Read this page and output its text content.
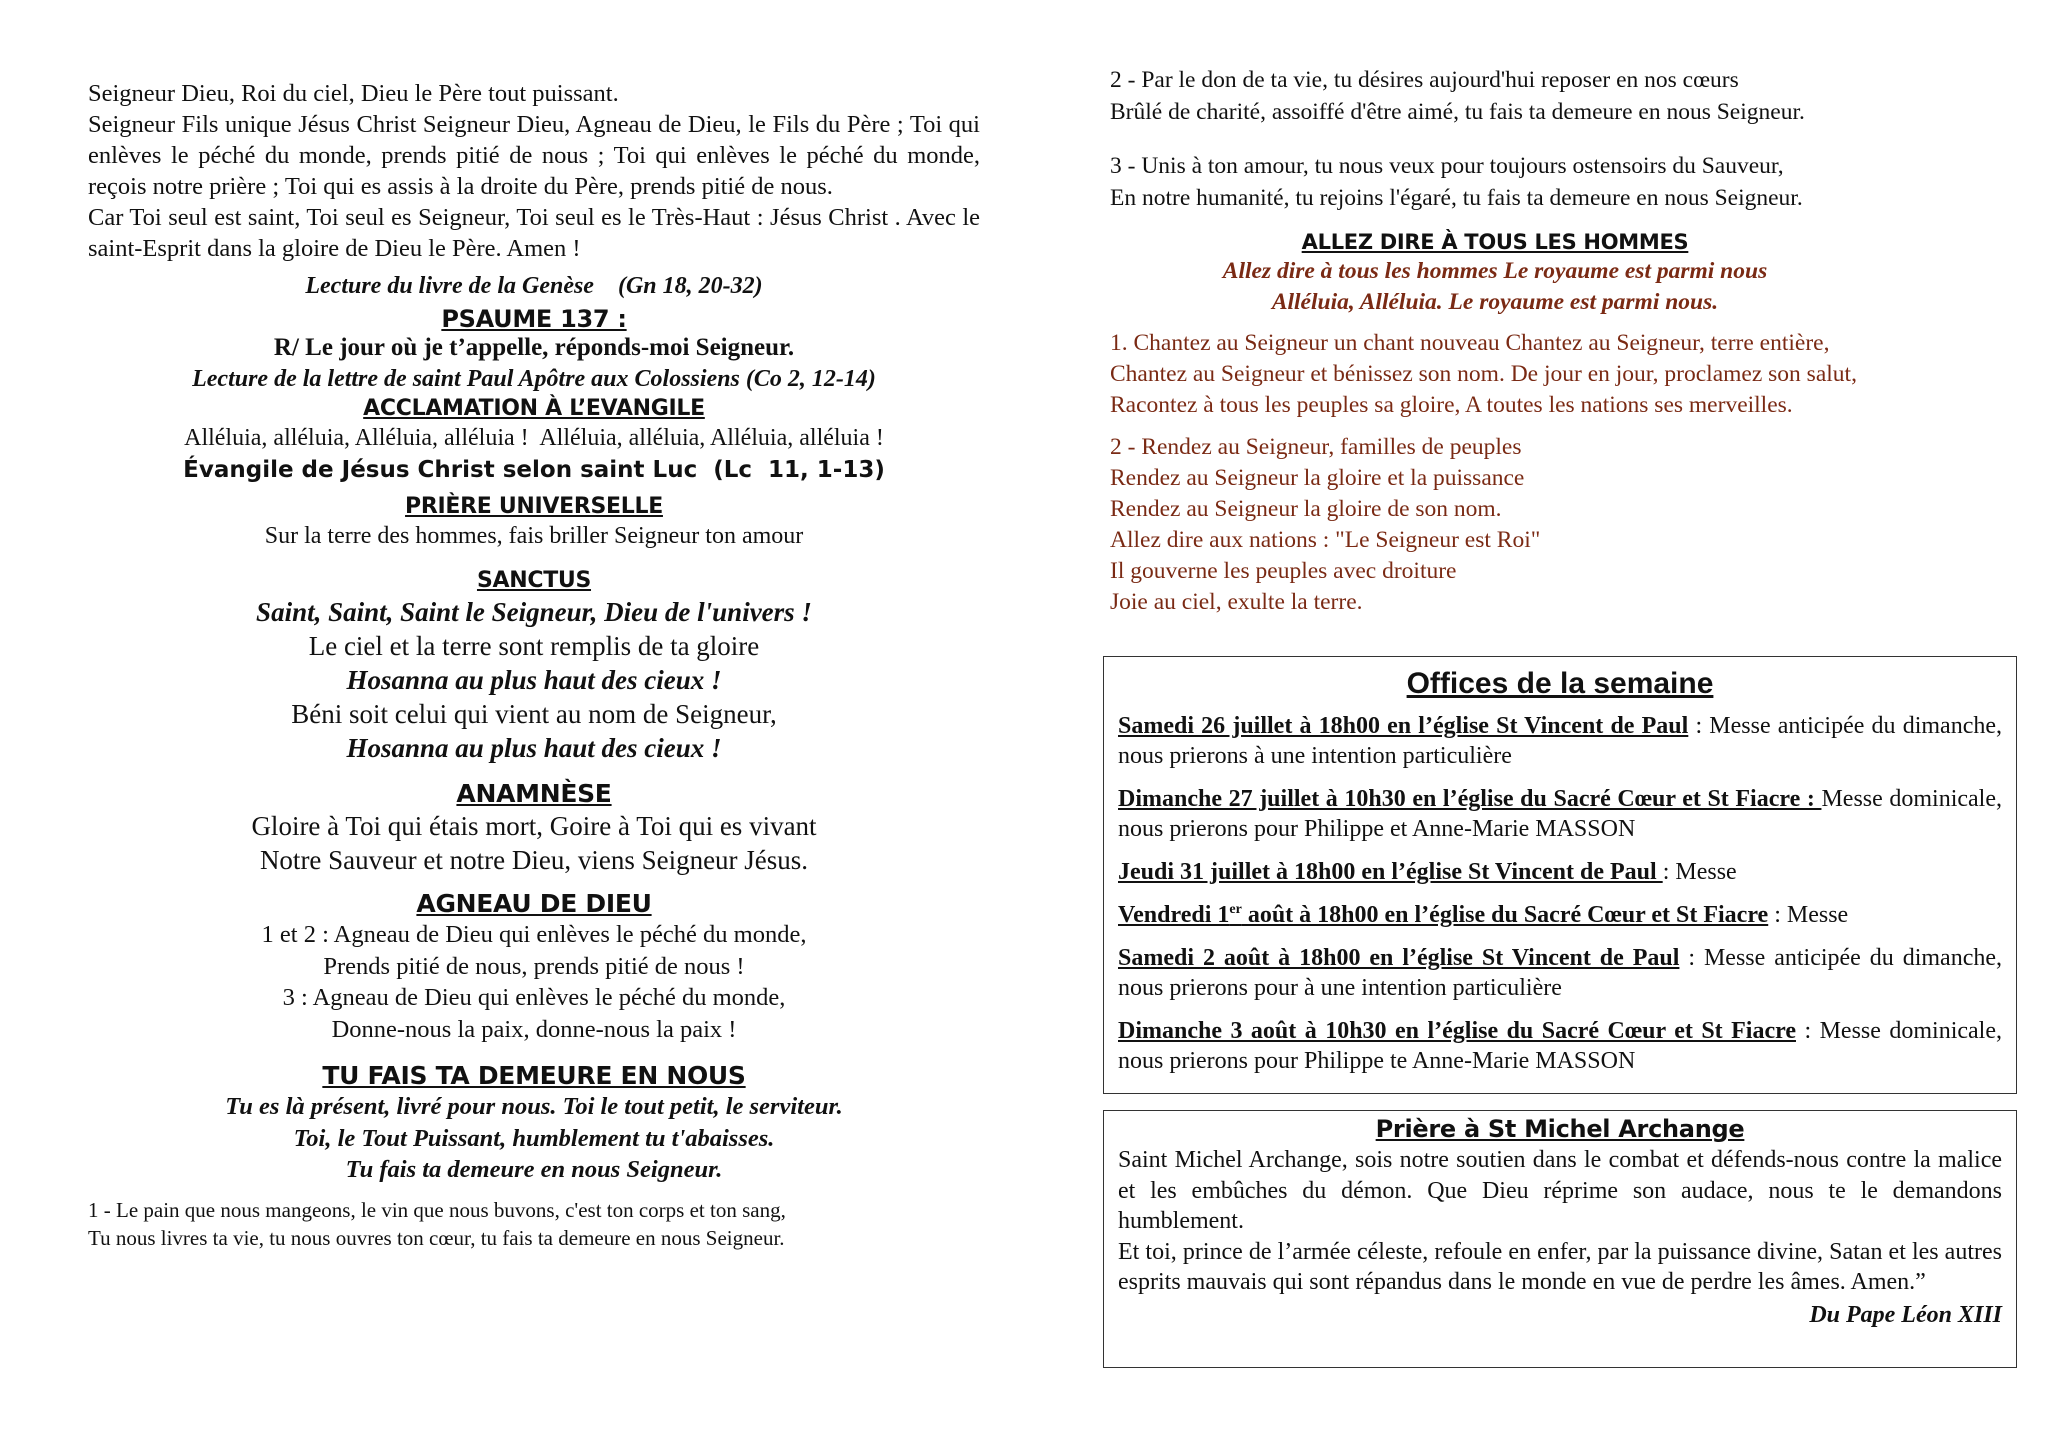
Seigneur Dieu, Roi du ciel, Dieu le Père tout puissant.

Seigneur Fils unique Jésus Christ Seigneur Dieu, Agneau de Dieu, le Fils du Père ; Toi qui enlèves le péché du monde, prends pitié de nous ; Toi qui enlèves le péché du monde, reçois notre prière ; Toi qui es assis à la droite du Père, prends pitié de nous.

Car Toi seul est saint, Toi seul es Seigneur, Toi seul es le Très-Haut : Jésus Christ . Avec le saint-Esprit dans la gloire de Dieu le Père. Amen !

Lecture du livre de la Genèse    (Gn 18, 20-32)

PSAUME 137 :

R/ Le jour où je t’appelle, réponds-moi Seigneur.

Lecture de la lettre de saint Paul Apôtre aux Colossiens (Co 2, 12-14)

ACCLAMATION À L’EVANGILE

Alléluia, alléluia, Alléluia, alléluia !  Alléluia, alléluia, Alléluia, alléluia !

Évangile de Jésus Christ selon saint Luc  (Lc  11, 1-13)

PRIÈRE UNIVERSELLE

Sur la terre des hommes, fais briller Seigneur ton amour

SANCTUS

Saint, Saint, Saint le Seigneur, Dieu de l'univers !

Le ciel et la terre sont remplis de ta gloire

Hosanna au plus haut des cieux !

Béni soit celui qui vient au nom de Seigneur,

Hosanna au plus haut des cieux !

ANAMNÈSE

Gloire à Toi qui étais mort, Goire à Toi qui es vivant

Notre Sauveur et notre Dieu, viens Seigneur Jésus.

AGNEAU DE DIEU

1 et 2 : Agneau de Dieu qui enlèves le péché du monde,

Prends pitié de nous, prends pitié de nous !

3 : Agneau de Dieu qui enlèves le péché du monde,

Donne-nous la paix, donne-nous la paix !

TU FAIS TA DEMEURE EN NOUS

Tu es là présent, livré pour nous. Toi le tout petit, le serviteur.

Toi, le Tout Puissant, humblement tu t'abaisses.

Tu fais ta demeure en nous Seigneur.

1 - Le pain que nous mangeons, le vin que nous buvons, c'est ton corps et ton sang,

Tu nous livres ta vie, tu nous ouvres ton cœur, tu fais ta demeure en nous Seigneur.

2 - Par le don de ta vie, tu désires aujourd'hui reposer en nos cœurs

Brûlé de charité, assoiffé d'être aimé, tu fais ta demeure en nous Seigneur.

3 - Unis à ton amour, tu nous veux pour toujours ostensoirs du Sauveur,

En notre humanité, tu rejoins l'égaré, tu fais ta demeure en nous Seigneur.

ALLEZ DIRE À TOUS LES HOMMES

Allez dire à tous les hommes Le royaume est parmi nous

Alléluia, Alléluia. Le royaume est parmi nous.

1. Chantez au Seigneur un chant nouveau Chantez au Seigneur, terre entière,

Chantez au Seigneur et bénissez son nom. De jour en jour, proclamez son salut,

Racontez à tous les peuples sa gloire, A toutes les nations ses merveilles.

2 - Rendez au Seigneur, familles de peuples

Rendez au Seigneur la gloire et la puissance

Rendez au Seigneur la gloire de son nom.

Allez dire aux nations : "Le Seigneur est Roi"

Il gouverne les peuples avec droiture

Joie au ciel, exulte la terre.

Offices de la semaine

Samedi 26 juillet à 18h00 en l’église St Vincent de Paul : Messe anticipée du dimanche, nous prierons à une intention particulière

Dimanche 27 juillet à 10h30 en l’église du Sacré Cœur et St Fiacre : Messe dominicale, nous prierons pour Philippe et Anne-Marie MASSON

Jeudi 31 juillet à 18h00 en l’église St Vincent de Paul : Messe

Vendredi 1er août à 18h00 en l’église du Sacré Cœur et St Fiacre : Messe

Samedi 2 août à 18h00 en l’église St Vincent de Paul : Messe anticipée du dimanche, nous prierons pour à une intention particulière

Dimanche 3 août à 10h30 en l’église du Sacré Cœur et St Fiacre : Messe dominicale, nous prierons pour Philippe te Anne-Marie MASSON

Prière à St Michel Archange

Saint Michel Archange, sois notre soutien dans le combat et défends-nous contre la malice et les embûches du démon. Que Dieu réprime son audace, nous te le demandons humblement.

Et toi, prince de l’armée céleste, refoule en enfer, par la puissance divine, Satan et les autres esprits mauvais qui sont répandus dans le monde en vue de perdre les âmes. Amen.”

Du Pape Léon XIII
